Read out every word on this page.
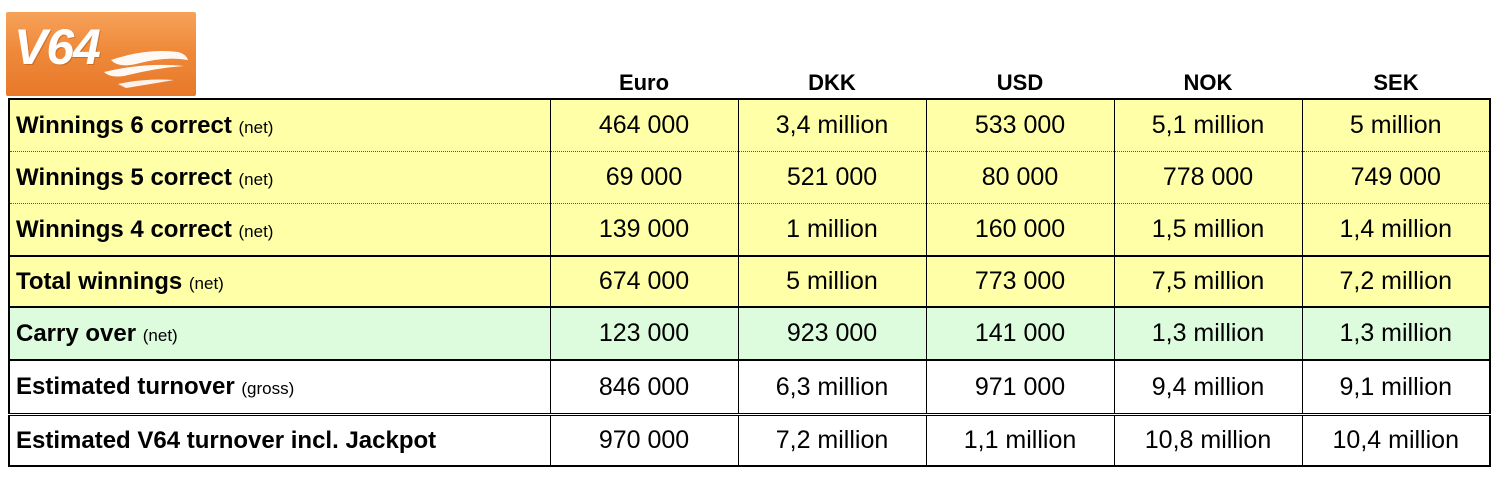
V64
	Euro	DKK	USD	NOK	SEK
Winnings 6 correct (net)	464 000	3,4 million	533 000	5,1 million	5 million
Winnings 5 correct (net)	69 000	521 000	80 000	778 000	749 000
Winnings 4 correct (net)	139 000	1 million	160 000	1,5 million	1,4 million
Total winnings (net)	674 000	5 million	773 000	7,5 million	7,2 million
Carry over (net)	123 000	923 000	141 000	1,3 million	1,3 million
Estimated turnover (gross)	846 000	6,3 million	971 000	9,4 million	9,1 million
Estimated V64 turnover incl. Jackpot	970 000	7,2 million	1,1 million	10,8 million	10,4 million
